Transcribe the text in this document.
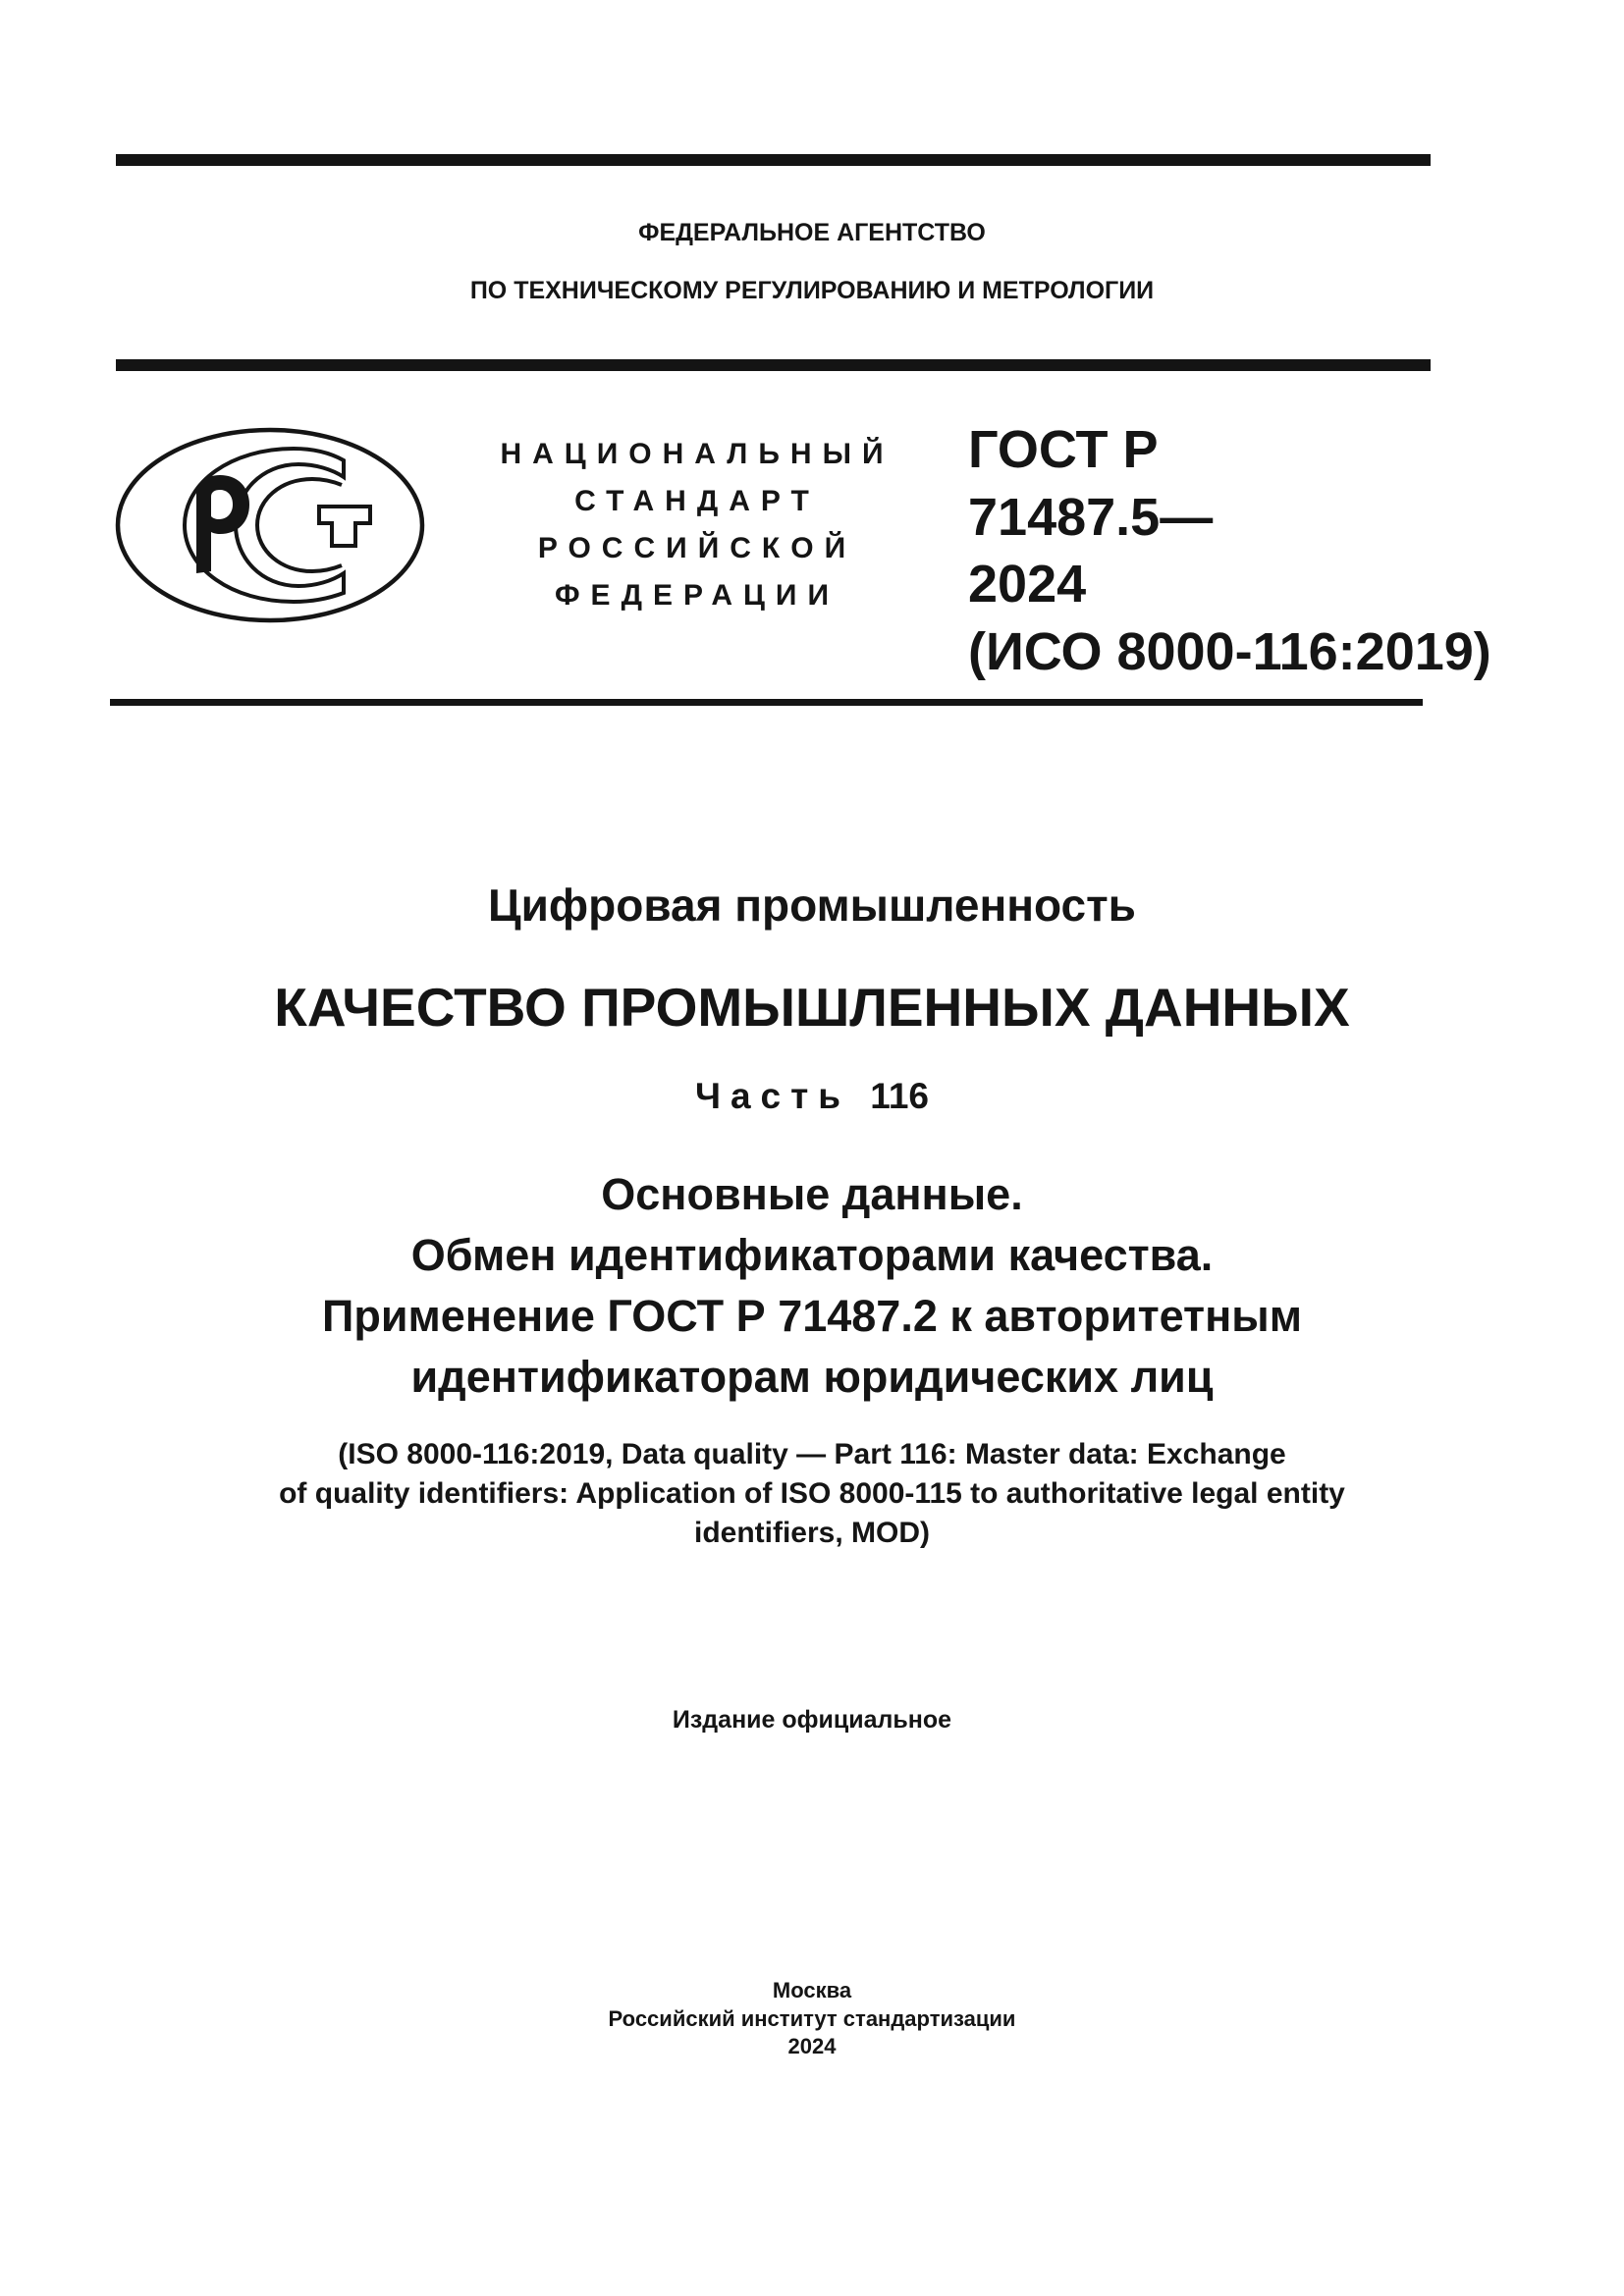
ФЕДЕРАЛЬНОЕ АГЕНТСТВО
ПО ТЕХНИЧЕСКОМУ РЕГУЛИРОВАНИЮ И МЕТРОЛОГИИ
НАЦИОНАЛЬНЫЙ
СТАНДАРТ
РОССИЙСКОЙ
ФЕДЕРАЦИИ
ГОСТ Р
71487.5—
2024
(ИСО 8000-116:2019)
Цифровая промышленность
КАЧЕСТВО ПРОМЫШЛЕННЫХ ДАННЫХ
Часть 116
Основные данные.
Обмен идентификаторами качества.
Применение ГОСТ Р 71487.2 к авторитетным
идентификаторам юридических лиц
(ISO 8000-116:2019, Data quality — Part 116: Master data: Exchange
of quality identifiers: Application of ISO 8000-115 to authoritative legal entity
identifiers, MOD)
Издание официальное
Москва
Российский институт стандартизации
2024
